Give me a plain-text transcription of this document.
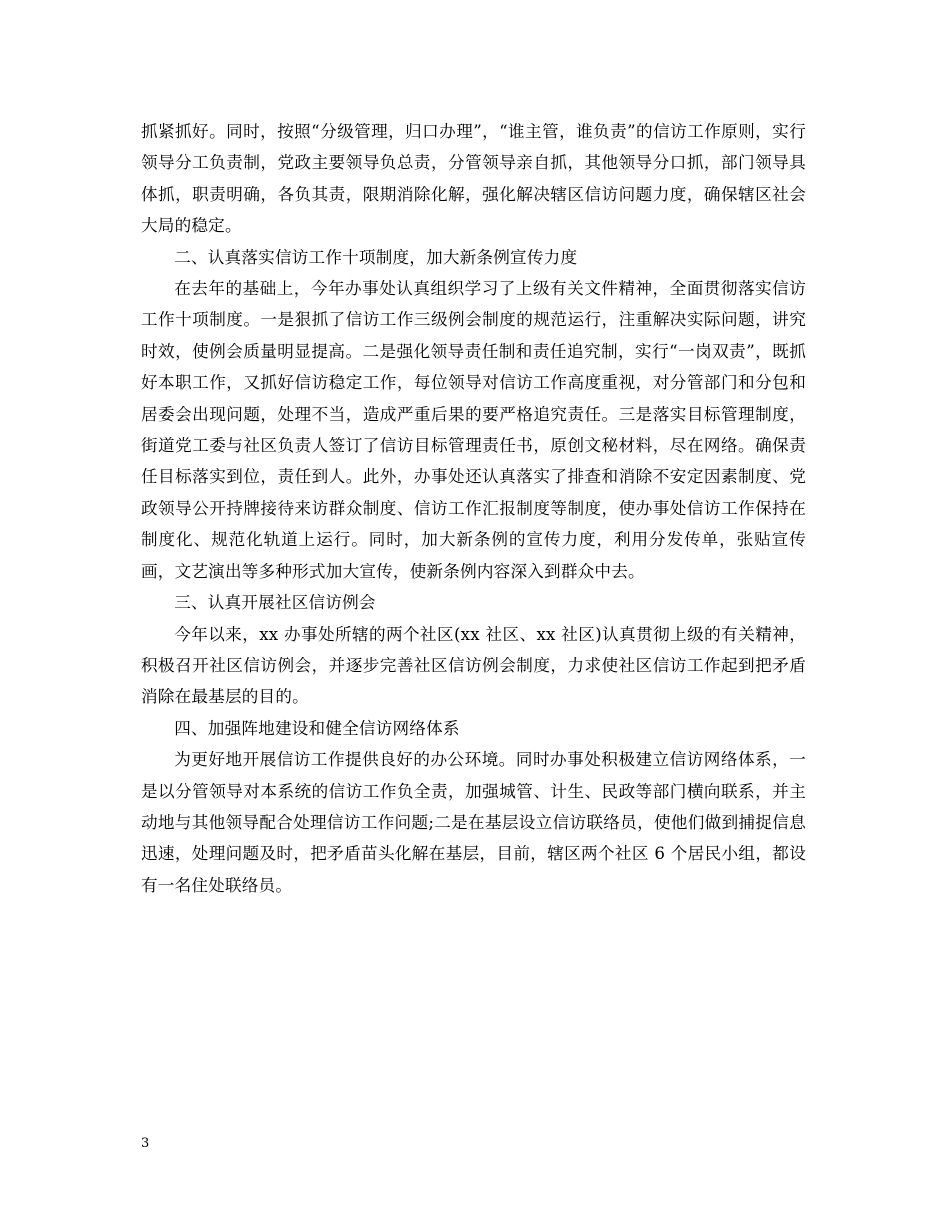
抓紧抓好。同时，按照“分级管理，归口办理”，“谁主管，谁负责”的信访工作原则，实行领导分工负责制，党政主要领导负总责，分管领导亲自抓，其他领导分口抓，部门领导具体抓，职责明确，各负其责，限期消除化解，强化解决辖区信访问题力度，确保辖区社会大局的稳定。

二、认真落实信访工作十项制度，加大新条例宣传力度

在去年的基础上，今年办事处认真组织学习了上级有关文件精神，全面贯彻落实信访工作十项制度。一是狠抓了信访工作三级例会制度的规范运行，注重解决实际问题，讲究时效，使例会质量明显提高。二是强化领导责任制和责任追究制，实行“一岗双责”，既抓好本职工作，又抓好信访稳定工作，每位领导对信访工作高度重视，对分管部门和分包和居委会出现问题，处理不当，造成严重后果的要严格追究责任。三是落实目标管理制度，街道党工委与社区负责人签订了信访目标管理责任书，原创文秘材料，尽在网络。确保责任目标落实到位，责任到人。此外，办事处还认真落实了排查和消除不安定因素制度、党政领导公开持牌接待来访群众制度、信访工作汇报制度等制度，使办事处信访工作保持在制度化、规范化轨道上运行。同时，加大新条例的宣传力度，利用分发传单，张贴宣传画，文艺演出等多种形式加大宣传，使新条例内容深入到群众中去。

三、认真开展社区信访例会

今年以来，xx 办事处所辖的两个社区(xx 社区、xx 社区)认真贯彻上级的有关精神，积极召开社区信访例会，并逐步完善社区信访例会制度，力求使社区信访工作起到把矛盾消除在最基层的目的。

四、加强阵地建设和健全信访网络体系

为更好地开展信访工作提供良好的办公环境。同时办事处积极建立信访网络体系，一是以分管领导对本系统的信访工作负全责，加强城管、计生、民政等部门横向联系，并主动地与其他领导配合处理信访工作问题;二是在基层设立信访联络员，使他们做到捕捉信息迅速，处理问题及时，把矛盾苗头化解在基层，目前，辖区两个社区 6 个居民小组，都设有一名住处联络员。

3
